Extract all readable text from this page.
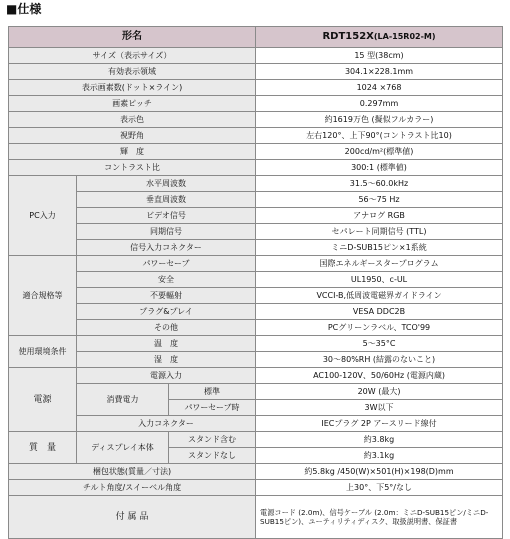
■仕様
形名			RDT152X(LA-15R02-M)
サイズ（表示サイズ）			15 型(38cm)
有効表示領域			304.1×228.1mm
表示画素数(ドット×ライン)			1024 ×768
画素ピッチ			0.297mm
表示色			約1619万色 (擬似フルカラー)
視野角			左右120°、上下90°(コントラスト比10)
輝　度			200cd/m²(標準値)
コントラスト比			300:1 (標準値)
PC入力	水平周波数		31.5〜60.0kHz
	垂直周波数		56〜75 Hz
	ビデオ信号		アナログ RGB
	同期信号		セパレート同期信号 (TTL)
	信号入力コネクター		ミニD-SUB15ピン×1系統
適合規格等	パワーセーブ		国際エネルギースタープログラム
	安全		UL1950、c-UL
	不要輻射		VCCI-B,低周波電磁界ガイドライン
	プラグ&プレイ		VESA DDC2B
	その他		PCグリーンラベル、TCO'99
使用環境条件	温　度		5〜35°C
	湿　度		30〜80%RH (結露のないこと)
電源	電源入力		AC100-120V、50/60Hz (電源内蔵)
	消費電力	標準	20W (最大)
		パワーセーブ時	3W以下
	入力コネクター		IECプラグ 2P アースリード線付
質　量	ディスプレイ本体	スタンド含む	約3.8kg
		スタンドなし	約3.1kg
梱包状態(質量／寸法)			約5.8kg /450(W)×501(H)×198(D)mm
チルト角度/スイーベル角度			上30°、下5°/なし
付 属 品			電源コード (2.0m)、信号ケーブル (2.0m：ミニD-SUB15ピン/ミニD-SUB15ピン)、ユーティリティディスク、取扱説明書、保証書
